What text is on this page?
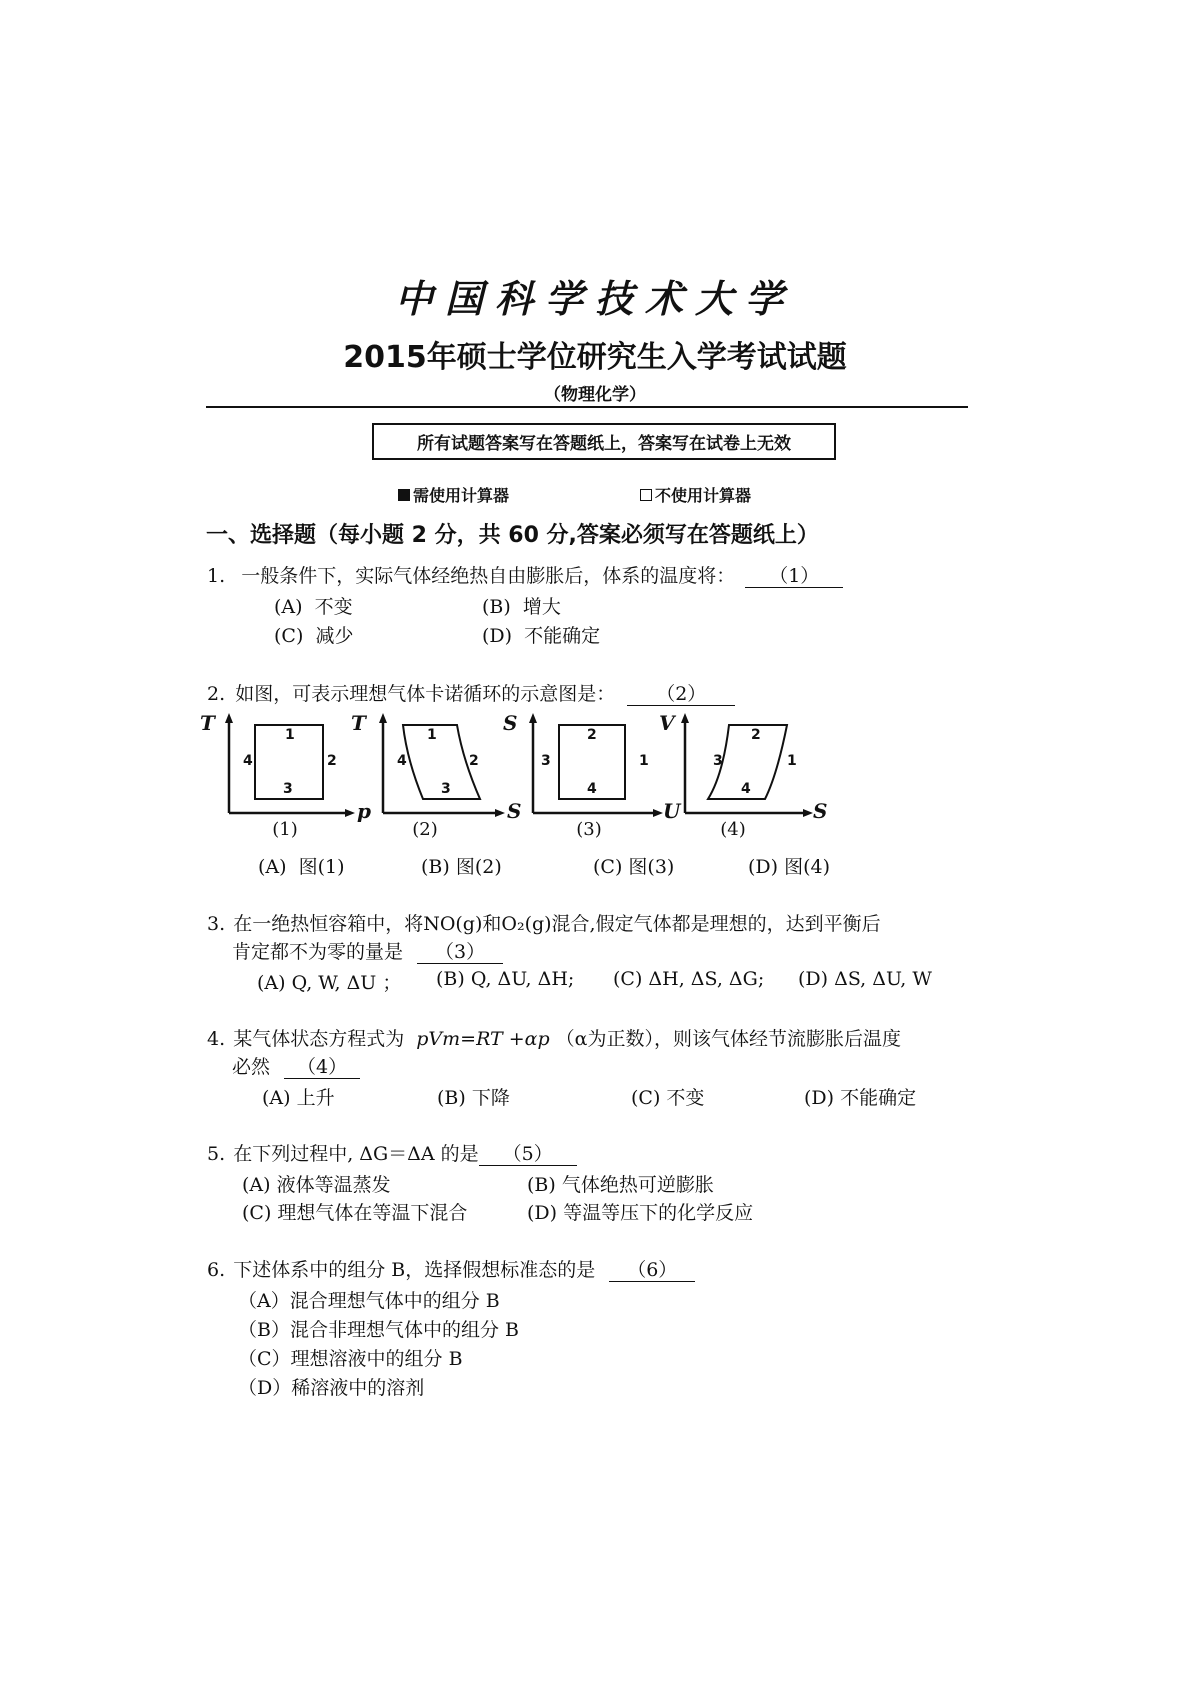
中国科学技术大学
2015年硕士学位研究生入学考试试题
（物理化学）
所有试题答案写在答题纸上，答案写在试卷上无效
需使用计算器	不使用计算器
一、选择题（每小题 2 分，共 60 分,答案必须写在答题纸上）
1. 一般条件下，实际气体经绝热自由膨胀后，体系的温度将： （1）
(A) 不变	(B) 增大
(C) 减少	(D) 不能确定
2. 如图，可表示理想气体卡诺循环的示意图是： （2）
T
p
1
2
3
4
(1)
T
S
1
2
3
4
(2)
S
U
2
1
4
3
(3)
V
S
2
1
4
3
(4)
(A) 图(1)	(B) 图(2)	(C) 图(3)	(D) 图(4)
3. 在一绝热恒容箱中，将NO(g)和O₂(g)混合,假定气体都是理想的，达到平衡后
肯定都不为零的量是 （3）
(A) Q, W, ΔU ； (B) Q, ΔU, ΔH; (C) ΔH, ΔS, ΔG; (D) ΔS, ΔU, W
4. 某气体状态方程式为 pVm=RT +αp （α为正数），则该气体经节流膨胀后温度
必然 （4）
(A) 上升	(B) 下降	(C) 不变	(D) 不能确定
5. 在下列过程中, ΔG＝ΔA 的是 （5）
(A) 液体等温蒸发	(B) 气体绝热可逆膨胀
(C) 理想气体在等温下混合	(D) 等温等压下的化学反应
6. 下述体系中的组分 B，选择假想标准态的是 （6）
（A）混合理想气体中的组分 B
（B）混合非理想气体中的组分 B
（C）理想溶液中的组分 B
（D）稀溶液中的溶剂
